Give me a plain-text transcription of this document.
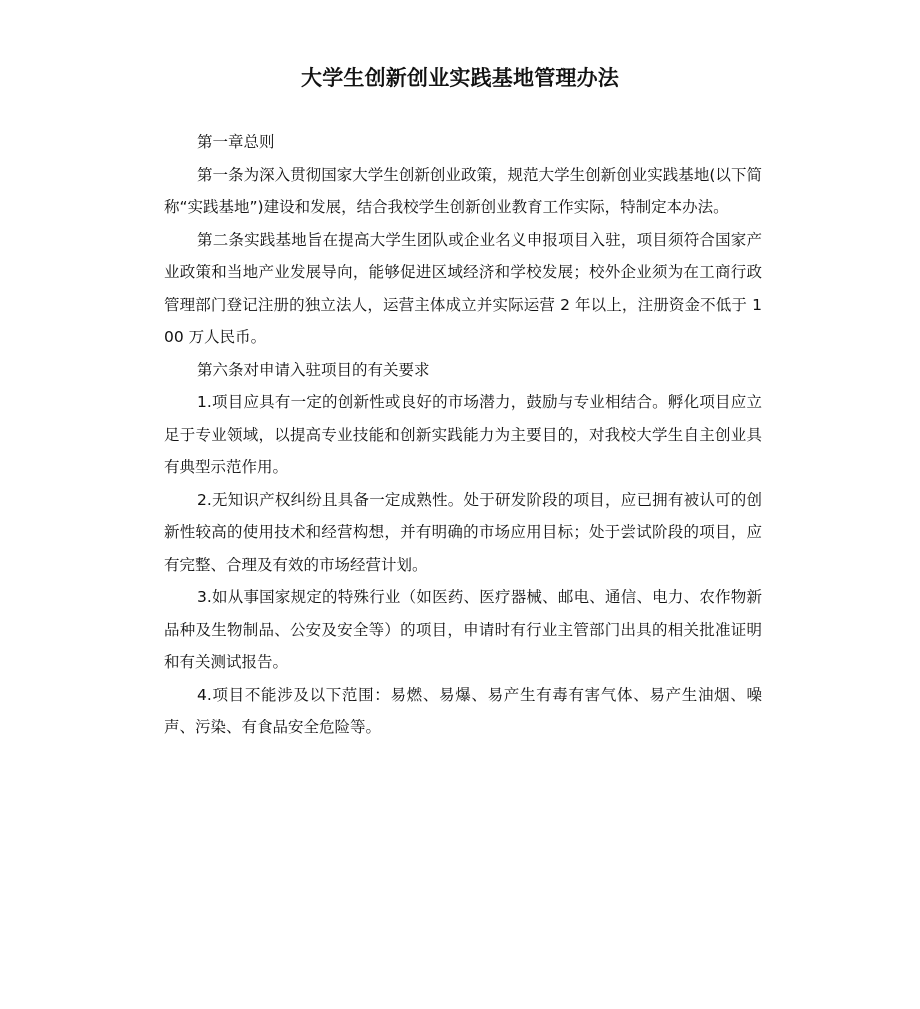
大学生创新创业实践基地管理办法

第一章总则

第一条为深入贯彻国家大学生创新创业政策，规范大学生创新创业实践基地(以下简称“实践基地”)建设和发展，结合我校学生创新创业教育工作实际，特制定本办法。

第二条实践基地旨在提高大学生团队或企业名义申报项目入驻，项目须符合国家产业政策和当地产业发展导向，能够促进区域经济和学校发展；校外企业须为在工商行政管理部门登记注册的独立法人，运营主体成立并实际运营 2 年以上，注册资金不低于 100 万人民币。

第六条对申请入驻项目的有关要求

1.项目应具有一定的创新性或良好的市场潜力，鼓励与专业相结合。孵化项目应立足于专业领域，以提高专业技能和创新实践能力为主要目的，对我校大学生自主创业具有典型示范作用。

2.无知识产权纠纷且具备一定成熟性。处于研发阶段的项目，应已拥有被认可的创新性较高的使用技术和经营构想，并有明确的市场应用目标；处于尝试阶段的项目，应有完整、合理及有效的市场经营计划。

3.如从事国家规定的特殊行业（如医药、医疗器械、邮电、通信、电力、农作物新品种及生物制品、公安及安全等）的项目，申请时有行业主管部门出具的相关批准证明和有关测试报告。

4.项目不能涉及以下范围：易燃、易爆、易产生有毒有害气体、易产生油烟、噪声、污染、有食品安全危险等。
